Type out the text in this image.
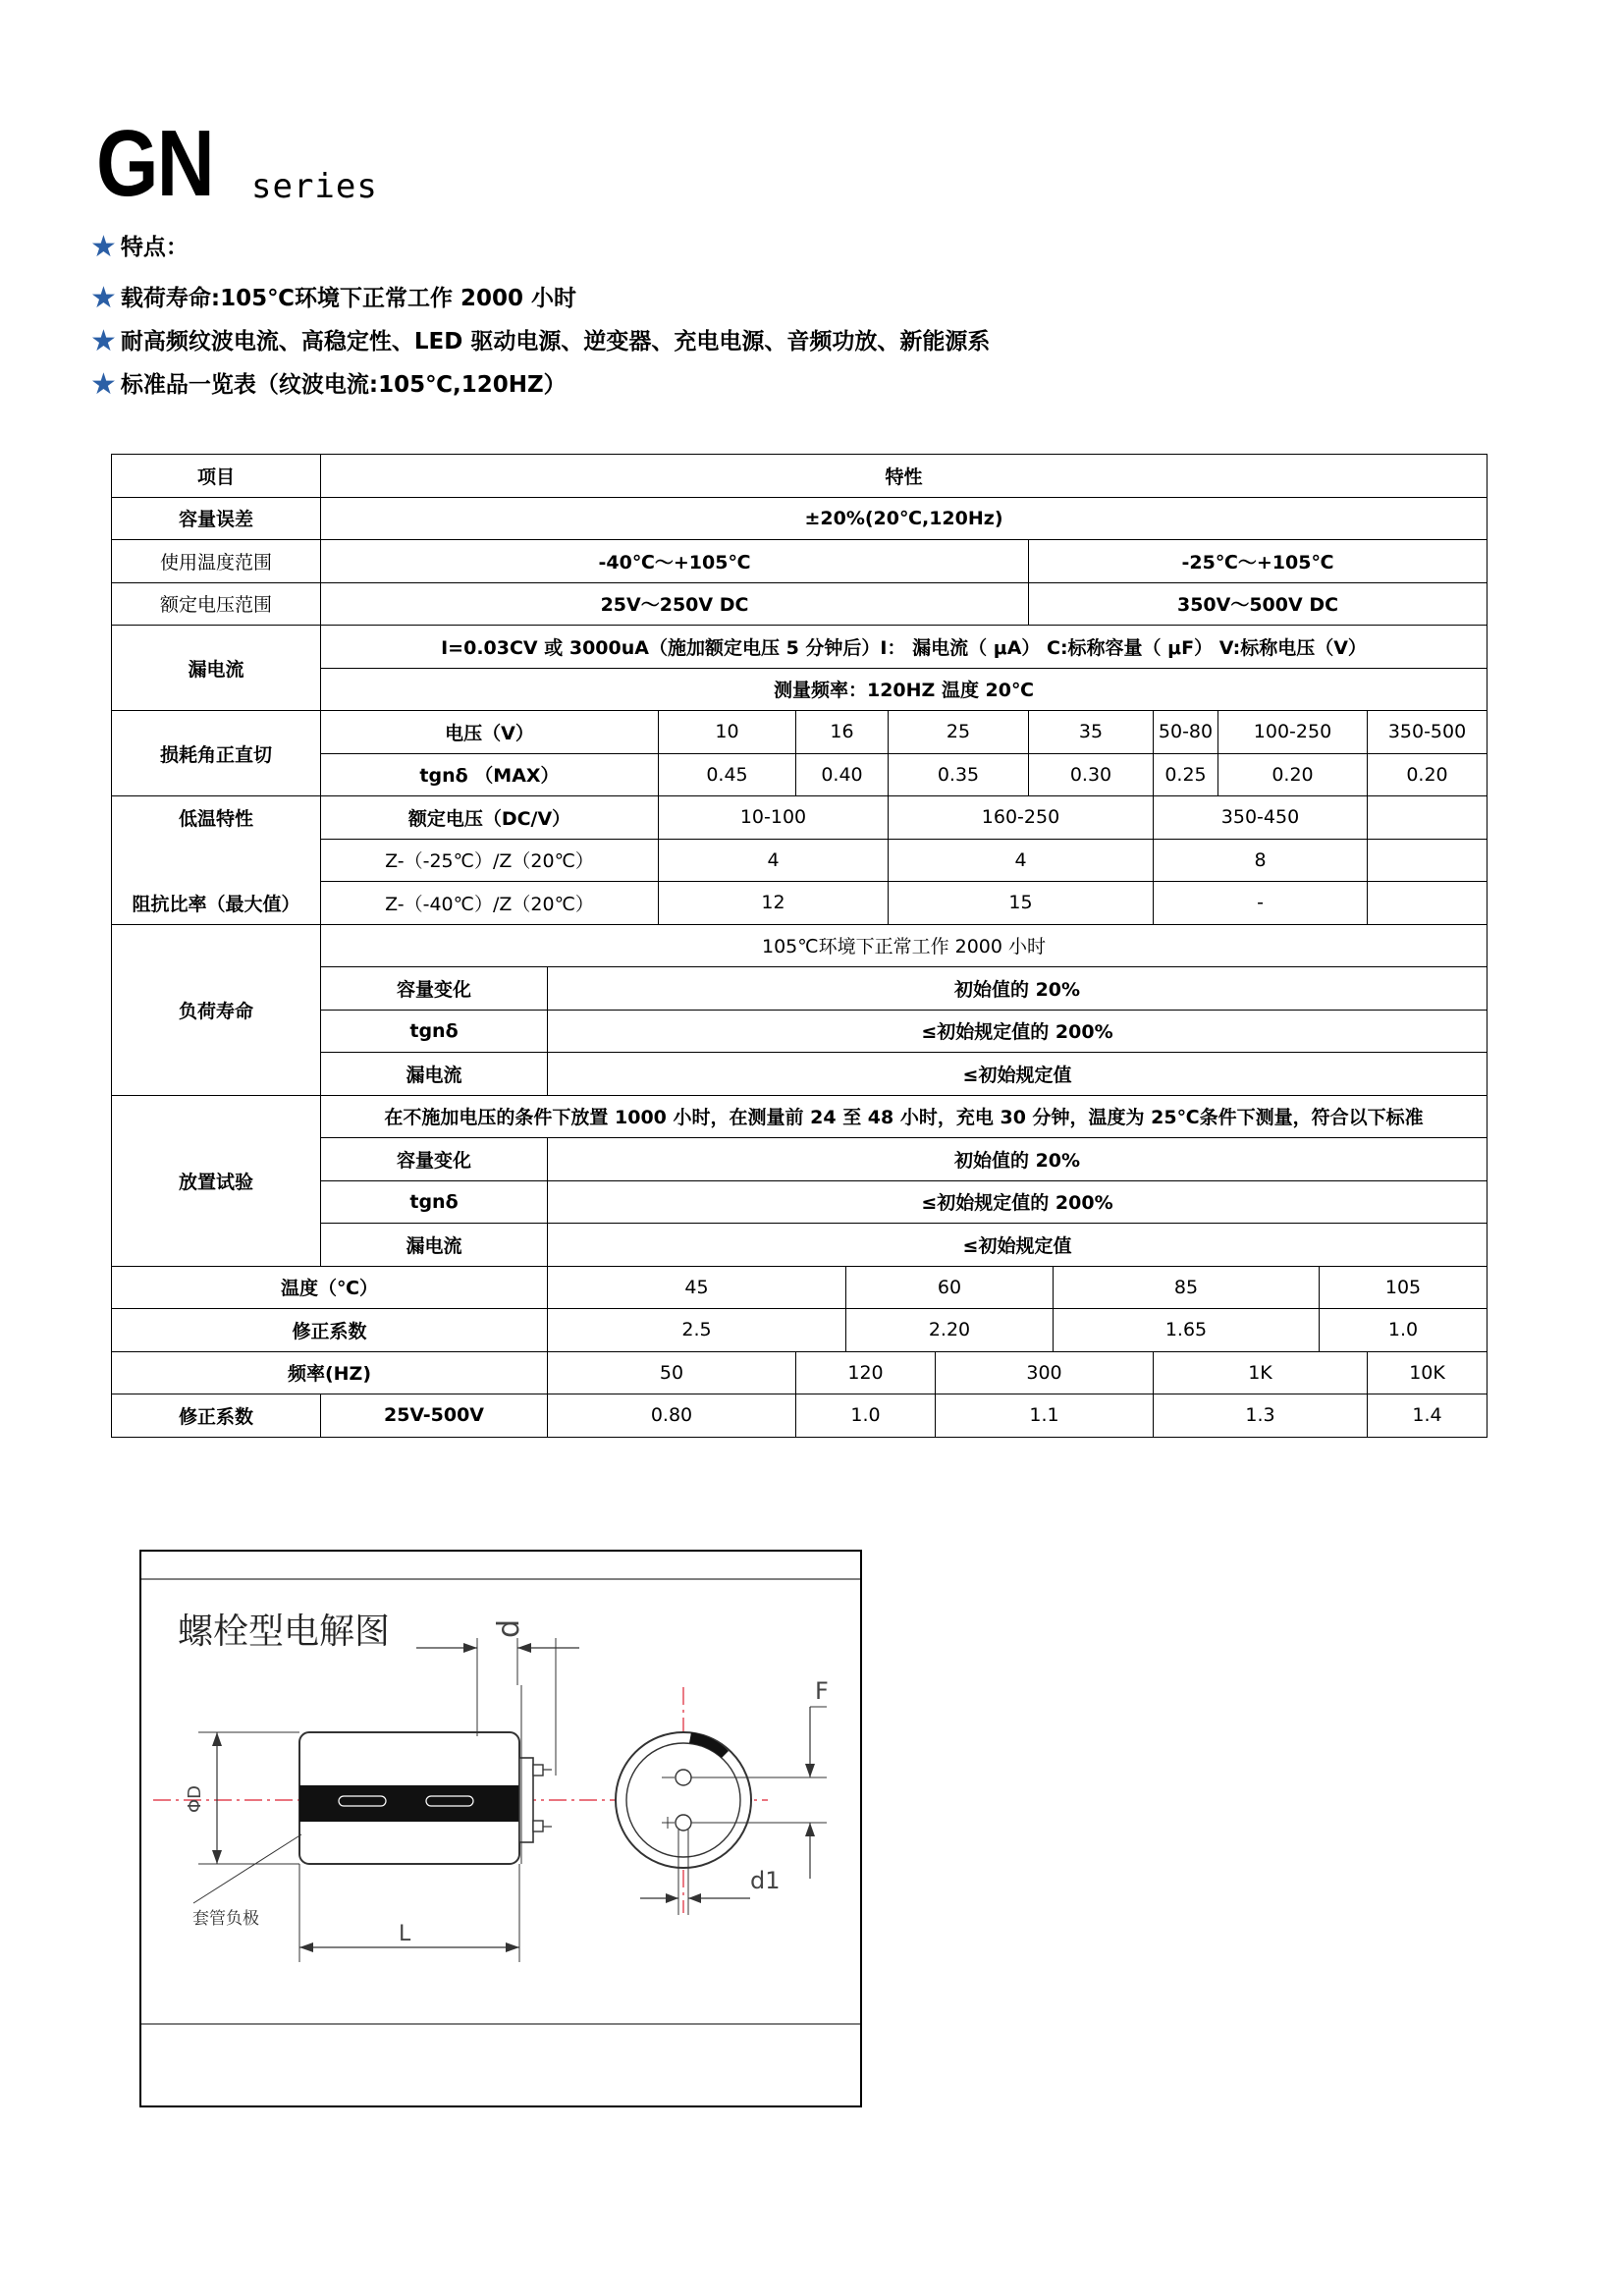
GN series
★ 特点：
★ 载荷寿命:105℃环境下正常工作 2000 小时
★ 耐高频纹波电流、高稳定性、LED 驱动电源、逆变器、充电电源、音频功放、新能源系
★ 标准品一览表（纹波电流:105℃,120HZ）
项目	特性												
容量误差	±20%(20℃,120Hz)												
使用温度范围	-40℃～+105℃							-25℃～+105℃					
额定电压范围	25V～250V DC							350V～500V DC					
漏电流	I=0.03CV 或 3000uA（施加额定电压 5 分钟后）I： 漏电流（ μA） C:标称容量（ μF） V:标称电压（V）												
	测量频率：120HZ 温度 20℃												
损耗角正直切	电压（V）		10	16		25		35		50-80	100-250		350-500
	tgnδ （MAX）		0.45	0.40		0.35		0.30		0.25	0.20		0.20
低温特性	额定电压（DC/V）		10-100			160-250				350-450			
	Z-（-25℃）/Z（20℃）		4			4				8			
阻抗比率（最大值）	Z-（-40℃）/Z（20℃）		12			15				-			
负荷寿命	105℃环境下正常工作 2000 小时												
	容量变化	初始值的 20%											
	tgnδ	≤初始规定值的 200%											
	漏电流	≤初始规定值											
放置试验	在不施加电压的条件下放置 1000 小时，在测量前 24 至 48 小时，充电 30 分钟，温度为 25℃条件下测量，符合以下标准												
	容量变化	初始值的 20%											
	tgnδ	≤初始规定值的 200%											
	漏电流	≤初始规定值											
温度（℃）		45			60				85			105	
修正系数		2.5			2.20				1.65			1.0	
频率(HZ)		50		120			300			1K			10K
修正系数	25V-500V	0.80		1.0			1.1			1.3			1.4
螺栓型电解图	d
ΦD
L
套管负极
d1
F
